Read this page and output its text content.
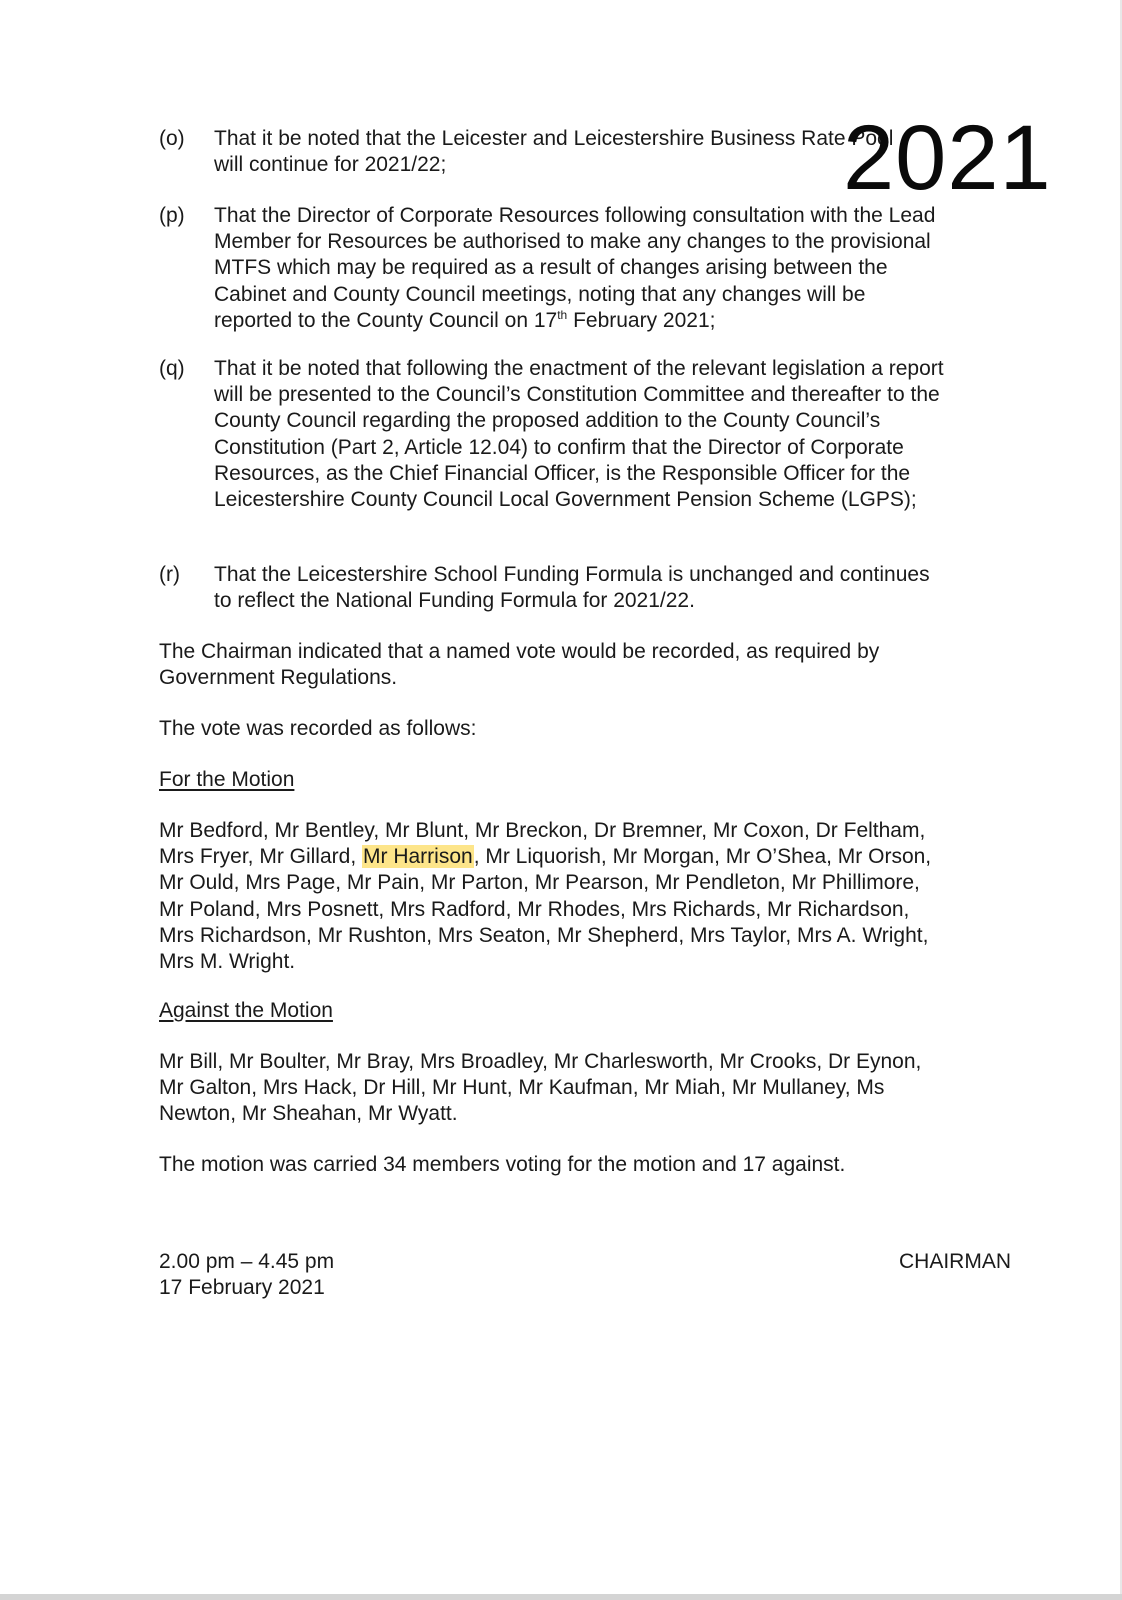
(o) That it be noted that the Leicester and Leicestershire Business Rate Pool will continue for 2021/22;	2021
(p) That the Director of Corporate Resources following consultation with the Lead Member for Resources be authorised to make any changes to the provisional MTFS which may be required as a result of changes arising between the Cabinet and County Council meetings, noting that any changes will be reported to the County Council on 17th February 2021;
(q) That it be noted that following the enactment of the relevant legislation a report will be presented to the Council’s Constitution Committee and thereafter to the County Council regarding the proposed addition to the County Council’s Constitution (Part 2, Article 12.04) to confirm that the Director of Corporate Resources, as the Chief Financial Officer, is the Responsible Officer for the Leicestershire County Council Local Government Pension Scheme (LGPS);
(r) That the Leicestershire School Funding Formula is unchanged and continues to reflect the National Funding Formula for 2021/22.
The Chairman indicated that a named vote would be recorded, as required by Government Regulations.
The vote was recorded as follows:
For the Motion
Mr Bedford, Mr Bentley, Mr Blunt, Mr Breckon, Dr Bremner, Mr Coxon, Dr Feltham, Mrs Fryer, Mr Gillard, Mr Harrison, Mr Liquorish, Mr Morgan, Mr O’Shea, Mr Orson, Mr Ould, Mrs Page, Mr Pain, Mr Parton, Mr Pearson, Mr Pendleton, Mr Phillimore, Mr Poland, Mrs Posnett, Mrs Radford, Mr Rhodes, Mrs Richards, Mr Richardson, Mrs Richardson, Mr Rushton, Mrs Seaton, Mr Shepherd, Mrs Taylor, Mrs A. Wright, Mrs M. Wright.
Against the Motion
Mr Bill, Mr Boulter, Mr Bray, Mrs Broadley, Mr Charlesworth, Mr Crooks, Dr Eynon, Mr Galton, Mrs Hack, Dr Hill, Mr Hunt, Mr Kaufman, Mr Miah, Mr Mullaney, Ms Newton, Mr Sheahan, Mr Wyatt.
The motion was carried 34 members voting for the motion and 17 against.
2.00 pm – 4.45 pm
17 February 2021
CHAIRMAN
